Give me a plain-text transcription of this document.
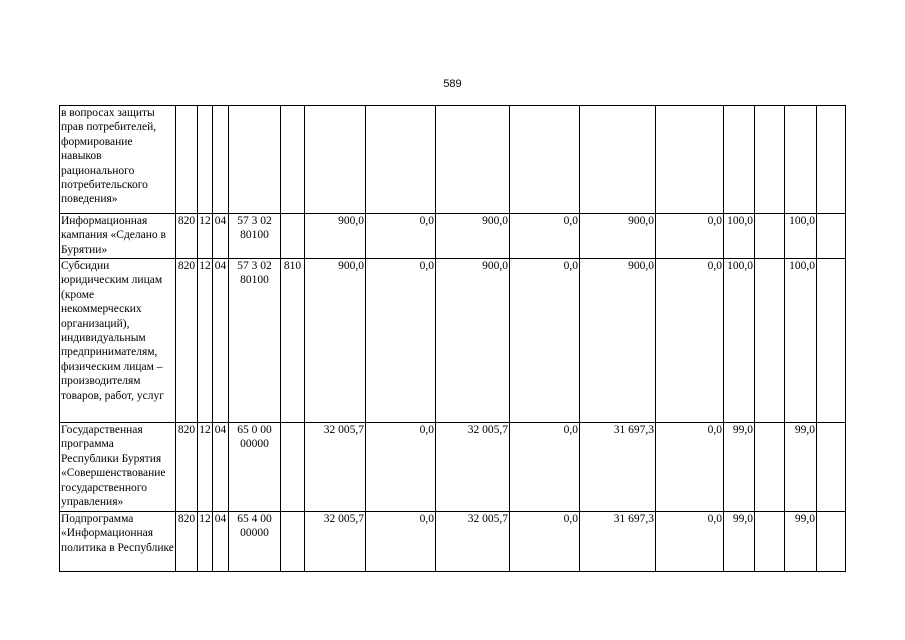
589
в вопросах защиты прав потребителей, формирование навыков рационального потребительского поведения»															
Информационная кампания «Сделано в Бурятии»	820	12	04	57 3 02 80100		900,0	0,0	900,0	0,0	900,0	0,0	100,0		100,0	
Субсидии юридическим лицам (кроме некоммерческих организаций), индивидуальным предпринимателям, физическим лицам – производителям товаров, работ, услуг	820	12	04	57 3 02 80100	810	900,0	0,0	900,0	0,0	900,0	0,0	100,0		100,0	
Государственная программа Республики Бурятия «Совершенствование государственного управления»	820	12	04	65 0 00 00000		32 005,7	0,0	32 005,7	0,0	31 697,3	0,0	99,0		99,0	
Подпрограмма «Информационная политика в Республике	820	12	04	65 4 00 00000		32 005,7	0,0	32 005,7	0,0	31 697,3	0,0	99,0		99,0	
